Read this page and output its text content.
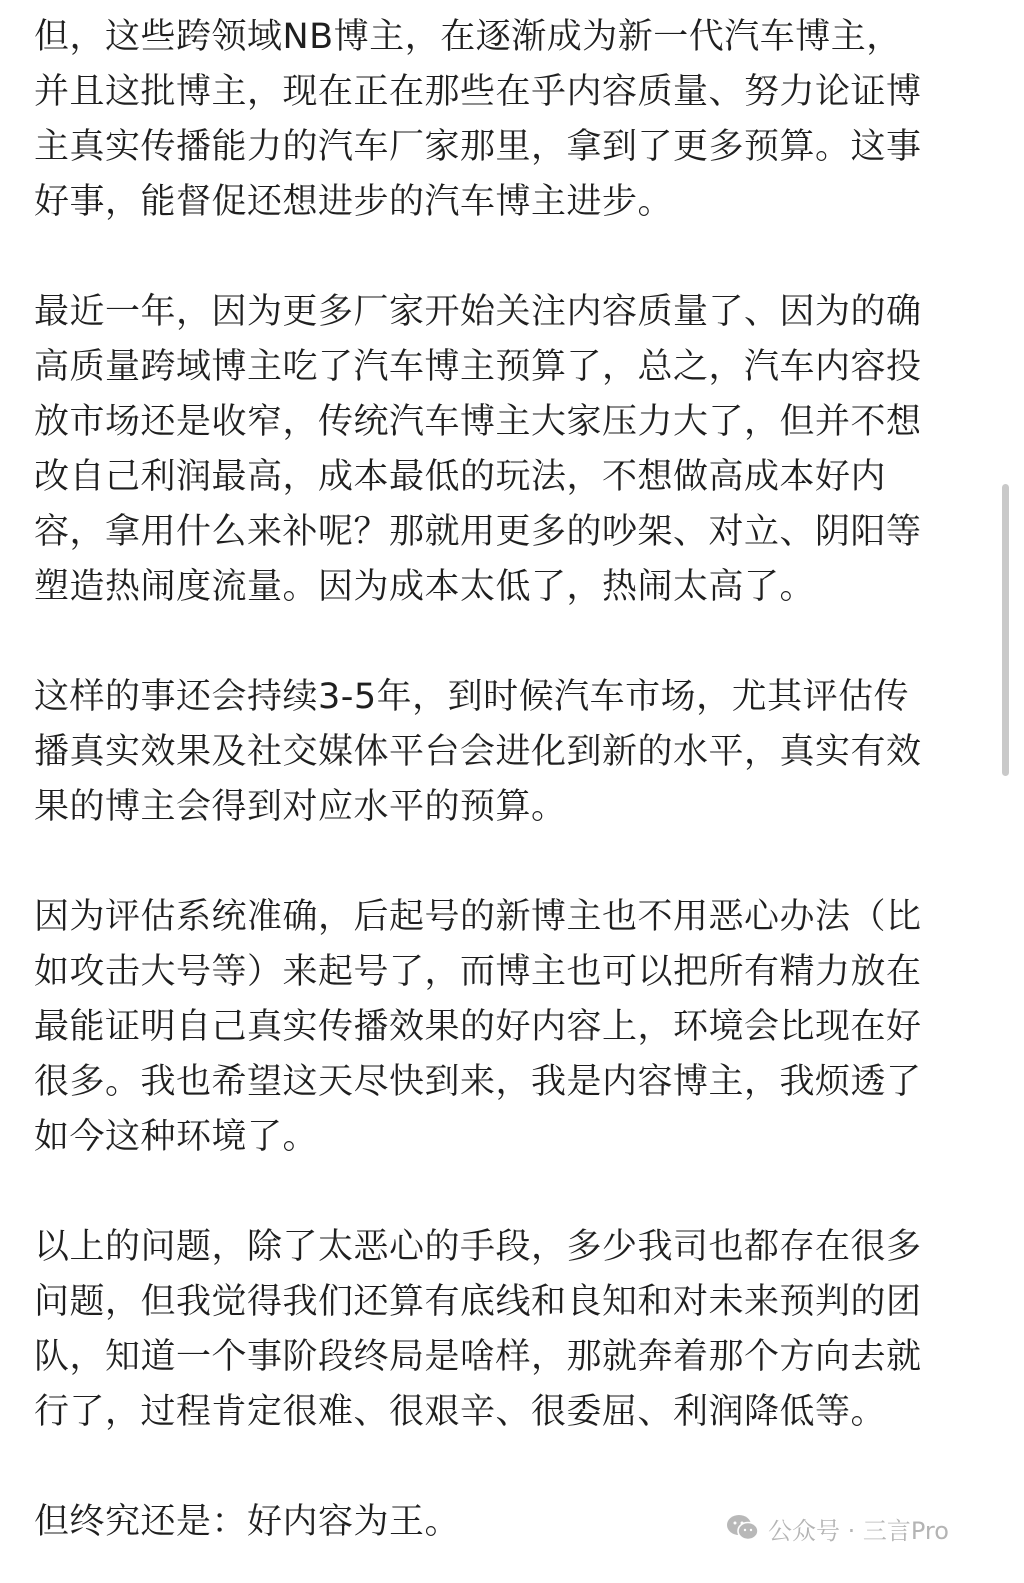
但，这些跨领域NB博主，在逐渐成为新一代汽车博主，
并且这批博主，现在正在那些在乎内容质量、努力论证博
主真实传播能力的汽车厂家那里，拿到了更多预算。这事
好事，能督促还想进步的汽车博主进步。
最近一年，因为更多厂家开始关注内容质量了、因为的确
高质量跨域博主吃了汽车博主预算了，总之，汽车内容投
放市场还是收窄，传统汽车博主大家压力大了，但并不想
改自己利润最高，成本最低的玩法，不想做高成本好内
容，拿用什么来补呢？那就用更多的吵架、对立、阴阳等
塑造热闹度流量。因为成本太低了，热闹太高了。
这样的事还会持续3-5年，到时候汽车市场，尤其评估传
播真实效果及社交媒体平台会进化到新的水平，真实有效
果的博主会得到对应水平的预算。
因为评估系统准确，后起号的新博主也不用恶心办法（比
如攻击大号等）来起号了，而博主也可以把所有精力放在
最能证明自己真实传播效果的好内容上，环境会比现在好
很多。我也希望这天尽快到来，我是内容博主，我烦透了
如今这种环境了。
以上的问题，除了太恶心的手段，多少我司也都存在很多
问题，但我觉得我们还算有底线和良知和对未来预判的团
队，知道一个事阶段终局是啥样，那就奔着那个方向去就
行了，过程肯定很难、很艰辛、很委屈、利润降低等。
但终究还是：好内容为王。	公众号 · 三言Pro
